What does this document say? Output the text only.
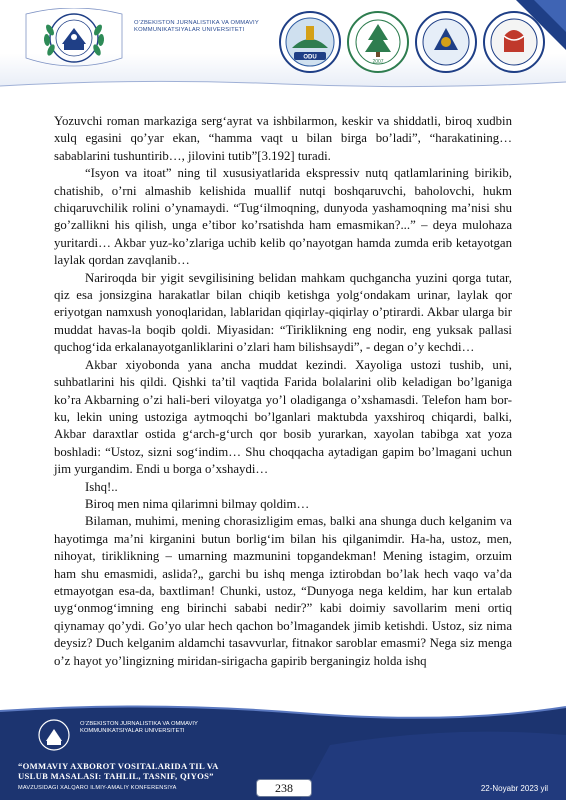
O‘ZBEKISTON JURNALISTIKA VA OMMAVIY KOMMUNIKATSIYALAR UNIVERSITETI
ODU
2007

Yozuvchi roman markaziga serg‘ayrat va ishbilarmon, keskir va shiddatli, biroq xudbin xulq egasini qo’yar ekan, “hamma vaqt u bilan birga bo’ladi”, “harakatining… sabablarini tushuntirib…, jilovini tutib”[3.192] turadi.

“Isyon va itoat” ning til xususiyatlarida ekspressiv nutq qatlamlarining birikib, chatishib, o’rni almashib kelishida muallif nutqi boshqaruvchi, baholovchi, hukm chiqaruvchilik rolini o’ynamaydi. “Tug‘ilmoqning, dunyoda yashamoqning ma’nisi shu go’zallikni his qilish, unga e’tibor ko’rsatishda ham emasmikan?...” – deya mulohaza yuritardi… Akbar yuz-ko’zlariga uchib kelib qo’nayotgan hamda zumda erib ketayotgan laylak qordan zavqlanib…

Nariroqda bir yigit sevgilisining belidan mahkam quchgancha yuzini qorga tutar, qiz esa jonsizgina harakatlar bilan chiqib ketishga yolg‘ondakam urinar, laylak qor eriyotgan namxush yonoqlaridan, lablaridan qiqirlay-qiqirlay o’ptirardi. Akbar ularga bir muddat havas-la boqib qoldi. Miyasidan: “Tiriklikning eng nodir, eng yuksak pallasi quchog‘ida erkalanayotganliklarini o’zlari ham bilishsaydi”, - degan o’y kechdi…

Akbar xiyobonda yana ancha muddat kezindi. Xayoliga ustozi tushib, uni, suhbatlarini his qildi. Qishki ta’til vaqtida Farida bolalarini olib keladigan bo’lganiga ko’ra Akbarning o’zi hali-beri viloyatga yo’l oladiganga o’xshamasdi. Telefon ham bor-ku, lekin uning ustoziga aytmoqchi bo’lganlari maktubda yaxshiroq chiqardi, balki, Akbar daraxtlar ostida g‘arch-g‘urch qor bosib yurarkan, xayolan tabibga xat yoza boshladi: “Ustoz, sizni sog‘indim… Shu choqqacha aytadigan gapim bo’lmagani uchun jim yurgandim. Endi u borga o’xshaydi…

Ishq!..

Biroq men nima qilarimni bilmay qoldim…

Bilaman, muhimi, mening chorasizligim emas, balki ana shunga duch kelganim va hayotimga ma’ni kirganini butun borlig‘im bilan his qilganimdir. Ha-ha, ustoz, men, nihoyat, tiriklikning – umarning mazmunini topgandekman! Mening istagim, orzuim ham shu emasmidi, aslida?„ garchi bu ishq menga iztirobdan bo’lak hech vaqo va’da etmayotgan esa-da, baxtliman! Chunki, ustoz, “Dunyoga nega keldim, har kun ertalab uyg‘onmog‘imning eng birinchi sababi nedir?” kabi doimiy savollarim meni ortiq qiynamay qo’ydi. Go’yo ular hech qachon bo’lmagandek jimib ketishdi. Ustoz, siz nima deysiz? Duch kelganim aldamchi tasavvurlar, fitnakor saroblar emasmi? Nega siz menga o’z hayot yo’lingizning miridan-sirigacha gapirib berganingiz holda ishq

O‘ZBEKISTON JURNALISTIKA VA OMMAVIY KOMMUNIKATSIYALAR UNIVERSITETI
“OMMAVIY AXBOROT VOSITALARIDA TIL VA
USLUB MASALASI: TAHLIL, TASNIF, QIYOS”
MAVZUSIDAGI XALQARO ILMIY-AMALIY KONFERENSIYA	238	22-Noyabr 2023 yil
